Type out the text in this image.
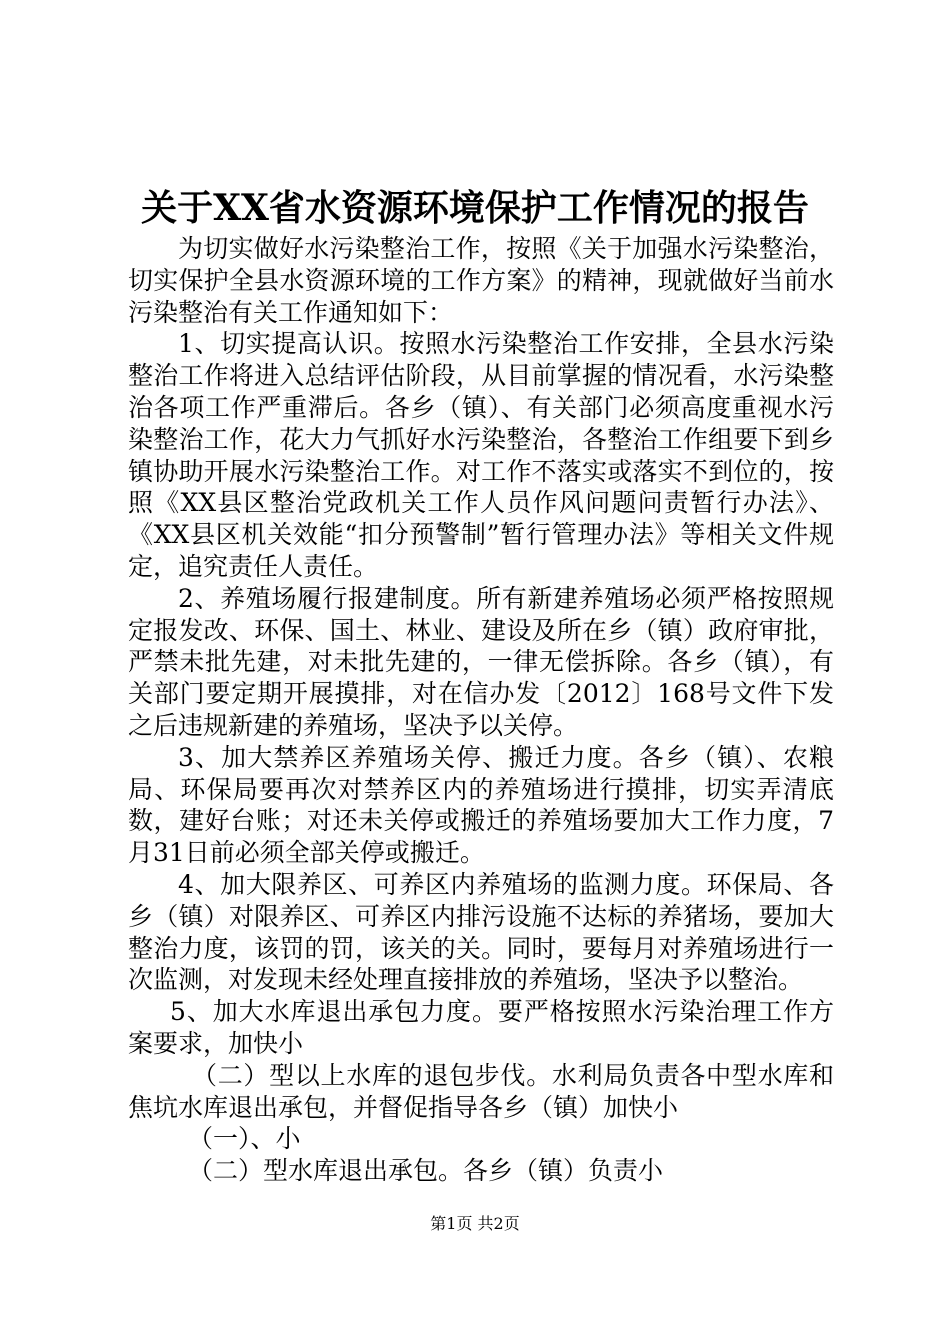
关于XX省水资源环境保护工作情况的报告

为切实做好水污染整治工作，按照《关于加强水污染整治，切实保护全县水资源环境的工作方案》的精神，现就做好当前水污染整治有关工作通知如下：

1、切实提高认识。按照水污染整治工作安排，全县水污染整治工作将进入总结评估阶段，从目前掌握的情况看，水污染整治各项工作严重滞后。各乡（镇）、有关部门必须高度重视水污染整治工作，花大力气抓好水污染整治，各整治工作组要下到乡镇协助开展水污染整治工作。对工作不落实或落实不到位的，按照《XX县区整治党政机关工作人员作风问题问责暂行办法》、《XX县区机关效能“扣分预警制”暂行管理办法》等相关文件规定，追究责任人责任。

2、养殖场履行报建制度。所有新建养殖场必须严格按照规定报发改、环保、国土、林业、建设及所在乡（镇）政府审批，严禁未批先建，对未批先建的，一律无偿拆除。各乡（镇），有关部门要定期开展摸排，对在信办发〔2012〕168号文件下发之后违规新建的养殖场，坚决予以关停。

3、加大禁养区养殖场关停、搬迁力度。各乡（镇）、农粮局、环保局要再次对禁养区内的养殖场进行摸排，切实弄清底数，建好台账；对还未关停或搬迁的养殖场要加大工作力度，7月31日前必须全部关停或搬迁。

4、加大限养区、可养区内养殖场的监测力度。环保局、各乡（镇）对限养区、可养区内排污设施不达标的养猪场，要加大整治力度，该罚的罚，该关的关。同时，要每月对养殖场进行一次监测，对发现未经处理直接排放的养殖场，坚决予以整治。

5、加大水库退出承包力度。要严格按照水污染治理工作方案要求，加快小

（二）型以上水库的退包步伐。水利局负责各中型水库和焦坑水库退出承包，并督促指导各乡（镇）加快小

（一）、小

（二）型水库退出承包。各乡（镇）负责小

第1页 共2页
